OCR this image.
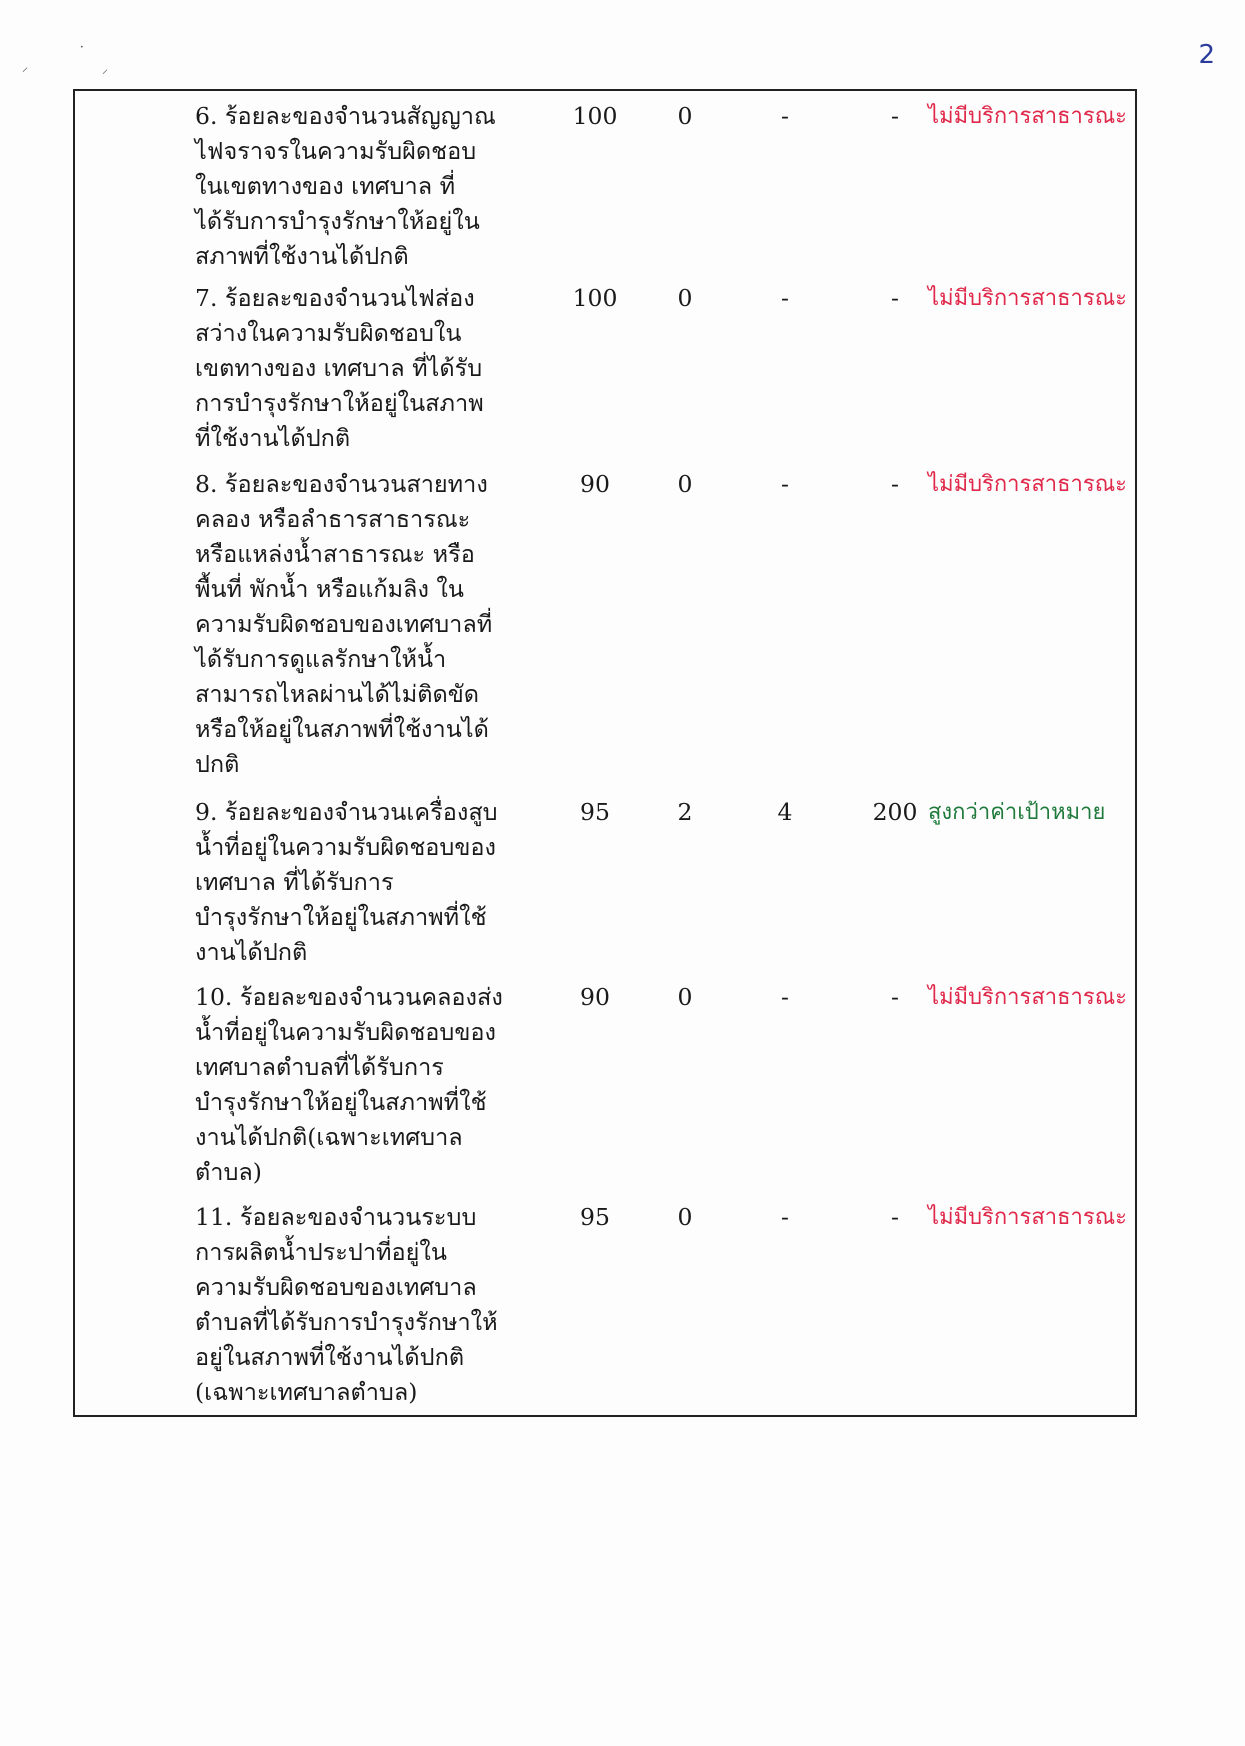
2
⸝
•
⸝
6. ร้อยละของจำนวนสัญญาณ
ไฟจราจรในความรับผิดชอบ
ในเขตทางของ เทศบาล ที่
ได้รับการบำรุงรักษาให้อยู่ใน
สภาพที่ใช้งานได้ปกติ
100	0	-	-	ไม่มีบริการสาธารณะ
7. ร้อยละของจำนวนไฟส่อง
สว่างในความรับผิดชอบใน
เขตทางของ เทศบาล ที่ได้รับ
การบำรุงรักษาให้อยู่ในสภาพ
ที่ใช้งานได้ปกติ
100	0	-	-	ไม่มีบริการสาธารณะ
8. ร้อยละของจำนวนสายทาง
คลอง หรือลำธารสาธารณะ
หรือแหล่งน้ำสาธารณะ หรือ
พื้นที่ พักน้ำ หรือแก้มลิง ใน
ความรับผิดชอบของเทศบาลที่
ได้รับการดูแลรักษาให้น้ำ
สามารถไหลผ่านได้ไม่ติดขัด
หรือให้อยู่ในสภาพที่ใช้งานได้
ปกติ
90	0	-	-	ไม่มีบริการสาธารณะ
9. ร้อยละของจำนวนเครื่องสูบ
น้ำที่อยู่ในความรับผิดชอบของ
เทศบาล ที่ได้รับการ
บำรุงรักษาให้อยู่ในสภาพที่ใช้
งานได้ปกติ
95	2	4	200 สูงกว่าค่าเป้าหมาย
10. ร้อยละของจำนวนคลองส่ง
น้ำที่อยู่ในความรับผิดชอบของ
เทศบาลตำบลที่ได้รับการ
บำรุงรักษาให้อยู่ในสภาพที่ใช้
งานได้ปกติ(เฉพาะเทศบาล
ตำบล)
90	0	-	-	ไม่มีบริการสาธารณะ
11. ร้อยละของจำนวนระบบ
การผลิตน้ำประปาที่อยู่ใน
ความรับผิดชอบของเทศบาล
ตำบลที่ได้รับการบำรุงรักษาให้
อยู่ในสภาพที่ใช้งานได้ปกติ
(เฉพาะเทศบาลตำบล)
95	0	-	-	ไม่มีบริการสาธารณะ
